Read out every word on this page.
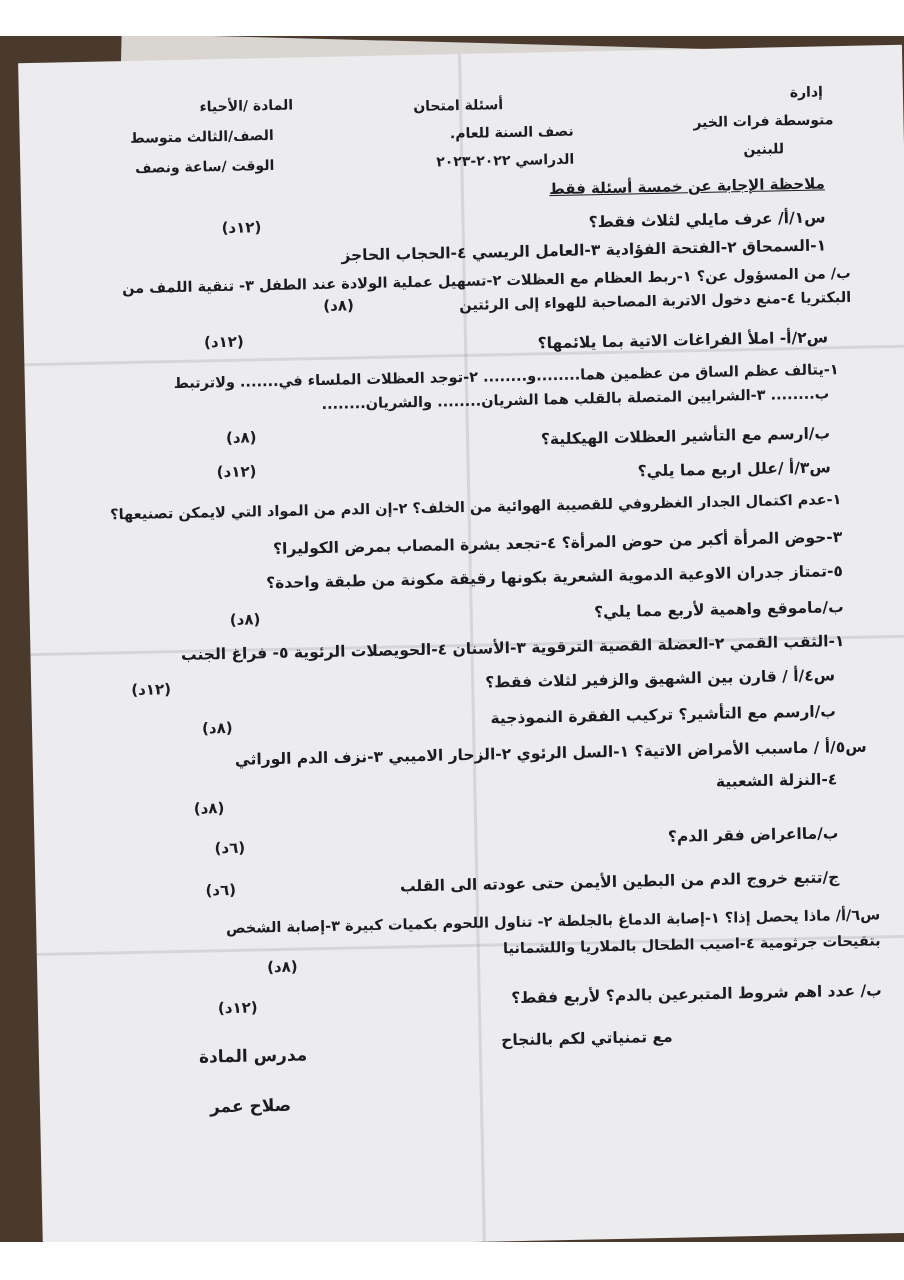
إدارة
متوسطة فرات الخير
للبنين
أسئلة امتحان
نصف السنة للعام.
الدراسي ٢٠٢٢-٢٠٢٣
المادة /الأحياء
الصف/الثالث متوسط
الوقت /ساعة ونصف
ملاحظة الإجابة عن خمسة أسئلة فقط
س١/أ/ عرف مايلي لثلاث فقط؟
١-السمحاق ٢-الفتحة الفؤادية ٣-العامل الريسي ٤-الحجاب الحاجز
ب/ من المسؤول عن؟ ١-ربط العظام مع العظلات ٢-تسهيل عملية الولادة عند الطفل ٣- تنقية اللمف من
البكتريا ٤-منع دخول الاتربة المصاحبة للهواء إلى الرئتين
س٢/أ- املأ الفراغات الاتية بما يلائمها؟
١-يتالف عظم الساق من عظمين هما........و........ ٢-توجد العظلات الملساء في....... ولاترتبط
ب........ ٣-الشرايين المتصلة بالقلب هما الشريان........ والشريان........
ب/ارسم مع التأشير العظلات الهيكلية؟
س٣/أ /علل اربع مما يلي؟
١-عدم اكتمال الجدار الغظروفي للقصيبة الهوائية من الخلف؟ ٢-إن الدم من المواد التي لايمكن تصنيعها؟
٣-حوض المرأة أكبر من حوض المرأة؟ ٤-تجعد بشرة المصاب بمرض الكوليرا؟
٥-تمتاز جدران الاوعية الدموية الشعرية بكونها رقيقة مكونة من طبقة واحدة؟
ب/ماموقع واهمية لأربع مما يلي؟
١-الثقب القمي ٢-العضلة القصية الترقوية ٣-الأسنان ٤-الحويصلات الرئوية ٥- فراغ الجنب
س٤/أ / قارن بين الشهيق والزفير لثلاث فقط؟
ب/ارسم مع التأشير؟ تركيب الفقرة النموذجية
س٥/أ / ماسبب الأمراض الاتية؟ ١-السل الرئوي ٢-الزحار الاميبي ٣-نزف الدم الوراثي
٤-النزلة الشعبية
ب/مااعراض فقر الدم؟
ج/تتبع خروج الدم من البطين الأيمن حتى عودته الى القلب
س٦/أ/ ماذا يحصل إذا؟ ١-إصابة الدماغ بالجلطة ٢- تناول اللحوم بكميات كبيرة ٣-إصابة الشخص
بتقيحات جرثومية ٤-اصيب الطحال بالملاريا واللشمانيا
ب/ عدد اهم شروط المتبرعين بالدم؟ لأربع فقط؟
مع تمنياتي لكم بالنجاح
(١٢د)
(٨د)
(١٢د)
(٨د)
(١٢د)
(٨د)
(١٢د)
(٨د)
(٨د)
(٦د)
(٦د)
(٨د)
(١٢د)
مدرس المادة
صلاح عمر
